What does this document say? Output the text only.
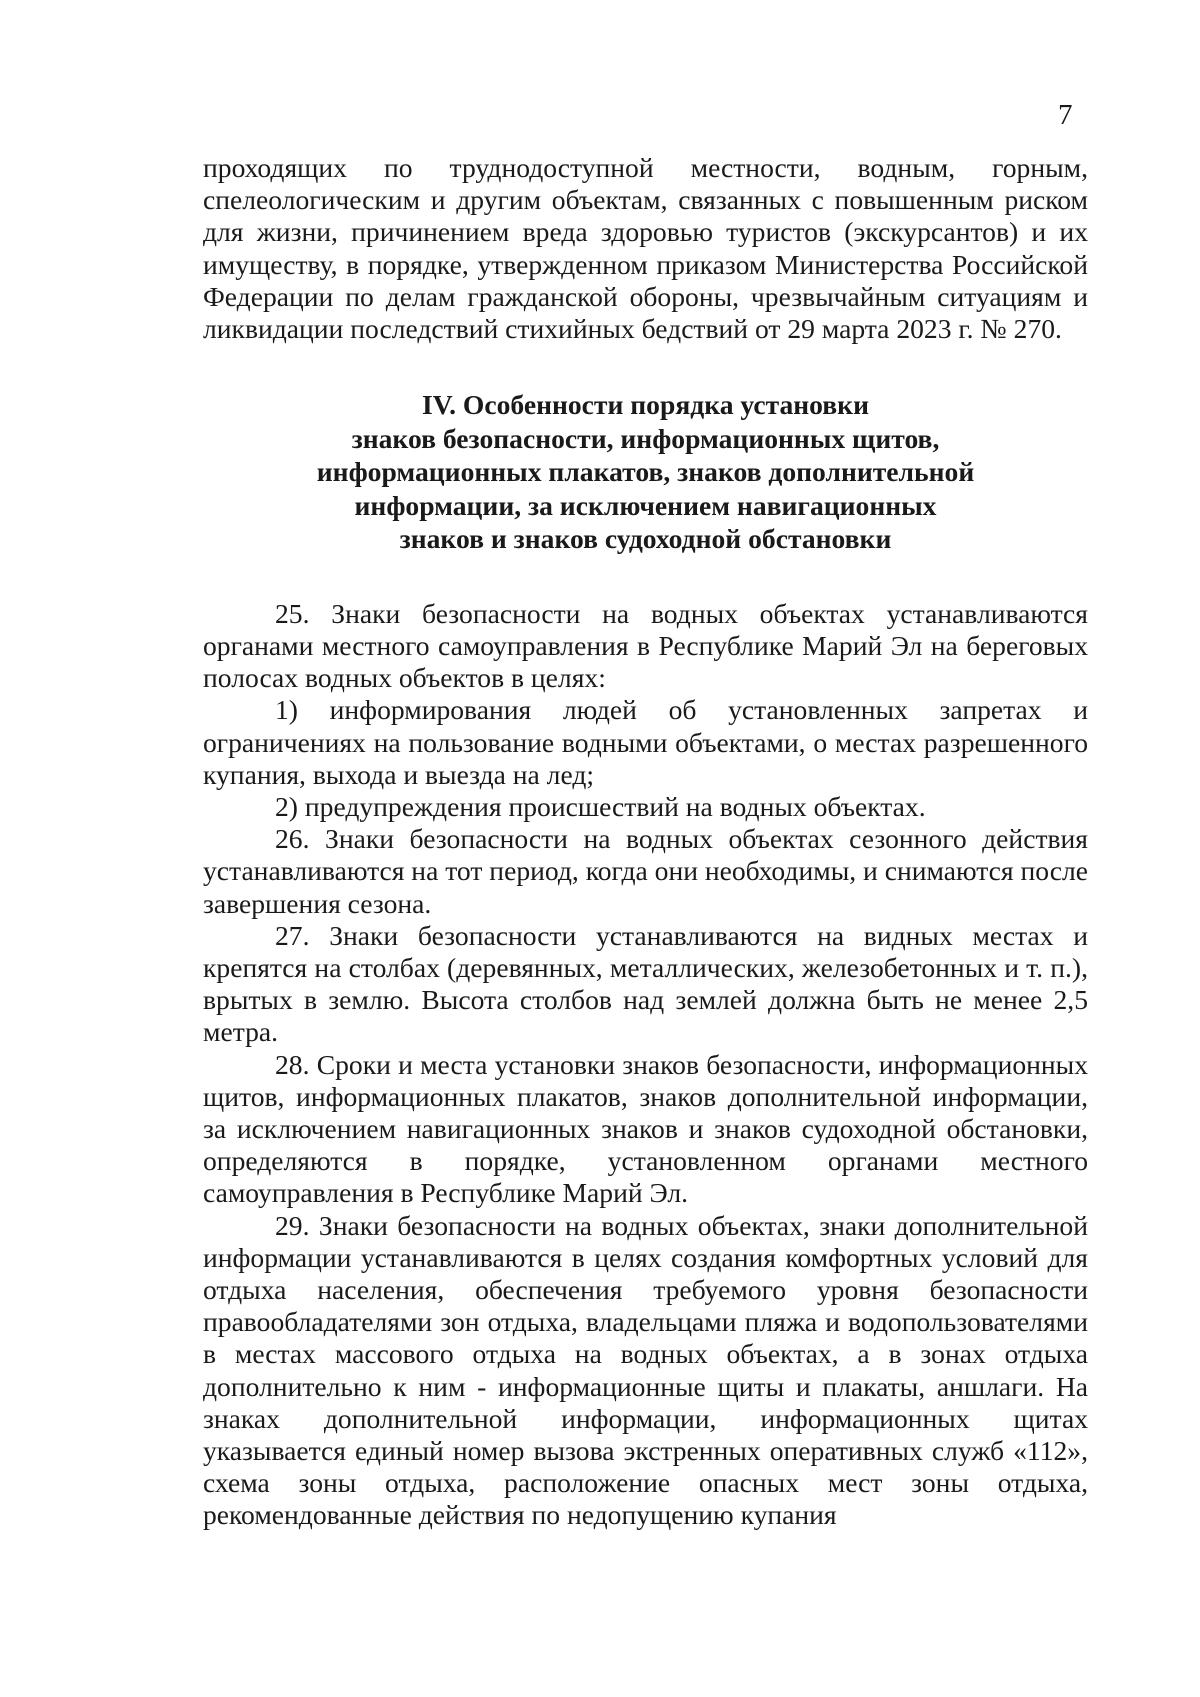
7

проходящих по труднодоступной местности, водным, горным, спелеологическим и другим объектам, связанных с повышенным риском для жизни, причинением вреда здоровью туристов (экскурсантов) и их имуществу, в порядке, утвержденном приказом Министерства Российской Федерации по делам гражданской обороны, чрезвычайным ситуациям и ликвидации последствий стихийных бедствий от 29 марта 2023 г. № 270.

IV. Особенности порядка установки
знаков безопасности, информационных щитов,
информационных плакатов, знаков дополнительной
информации, за исключением навигационных
знаков и знаков судоходной обстановки

25. Знаки безопасности на водных объектах устанавливаются органами местного самоуправления в Республике Марий Эл на береговых полосах водных объектов в целях:

1) информирования людей об установленных запретах и ограничениях на пользование водными объектами, о местах разрешенного купания, выхода и выезда на лед;

2) предупреждения происшествий на водных объектах.

26. Знаки безопасности на водных объектах сезонного действия устанавливаются на тот период, когда они необходимы, и снимаются после завершения сезона.

27. Знаки безопасности устанавливаются на видных местах и крепятся на столбах (деревянных, металлических, железобетонных и т. п.), врытых в землю. Высота столбов над землей должна быть не менее 2,5 метра.

28. Сроки и места установки знаков безопасности, информационных щитов, информационных плакатов, знаков дополнительной информации, за исключением навигационных знаков и знаков судоходной обстановки, определяются в порядке, установленном органами местного самоуправления в Республике Марий Эл.

29. Знаки безопасности на водных объектах, знаки дополнительной информации устанавливаются в целях создания комфортных условий для отдыха населения, обеспечения требуемого уровня безопасности правообладателями зон отдыха, владельцами пляжа и водопользователями в местах массового отдыха на водных объектах, а в зонах отдыха дополнительно к ним - информационные щиты и плакаты, аншлаги. На знаках дополнительной информации, информационных щитах указывается единый номер вызова экстренных оперативных служб «112», схема зоны отдыха, расположение опасных мест зоны отдыха, рекомендованные действия по недопущению купания
